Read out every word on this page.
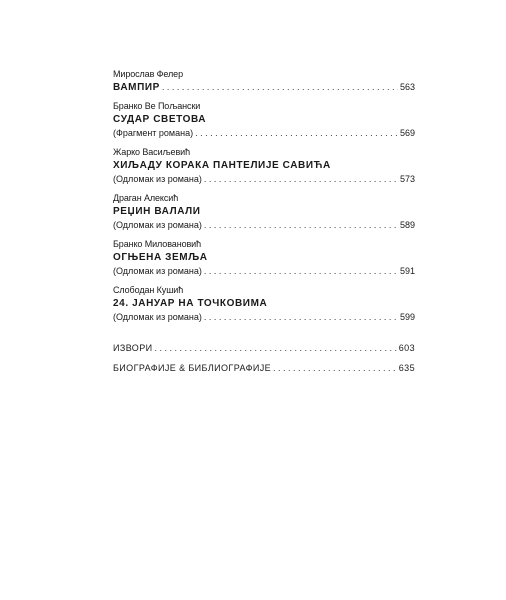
Мирослав Фелер
ВАМПИР . . .	563
Бранко Ве Пољански
СУДАР СВЕТОВА
(Фрагмент романа) . . .	569
Жарко Васиљевић
ХИЉАДУ КОРАКА ПАНТЕЛИЈЕ САВИЋА
(Одломак из романа) . . .	573
Драган Алексић
РЕЏИН ВАЛАЛИ
(Одломак из романа) . . .	589
Бранко Миловановић
ОГЊЕНА ЗЕМЉА
(Одломак из романа) . . .	591
Слободан Кушић
24. ЈАНУАР НА ТОЧКОВИМА
(Одломак из романа) . . .	599
ИЗВОРИ . . .	603
БИОГРАФИЈЕ & БИБЛИОГРАФИЈЕ . . .	635
